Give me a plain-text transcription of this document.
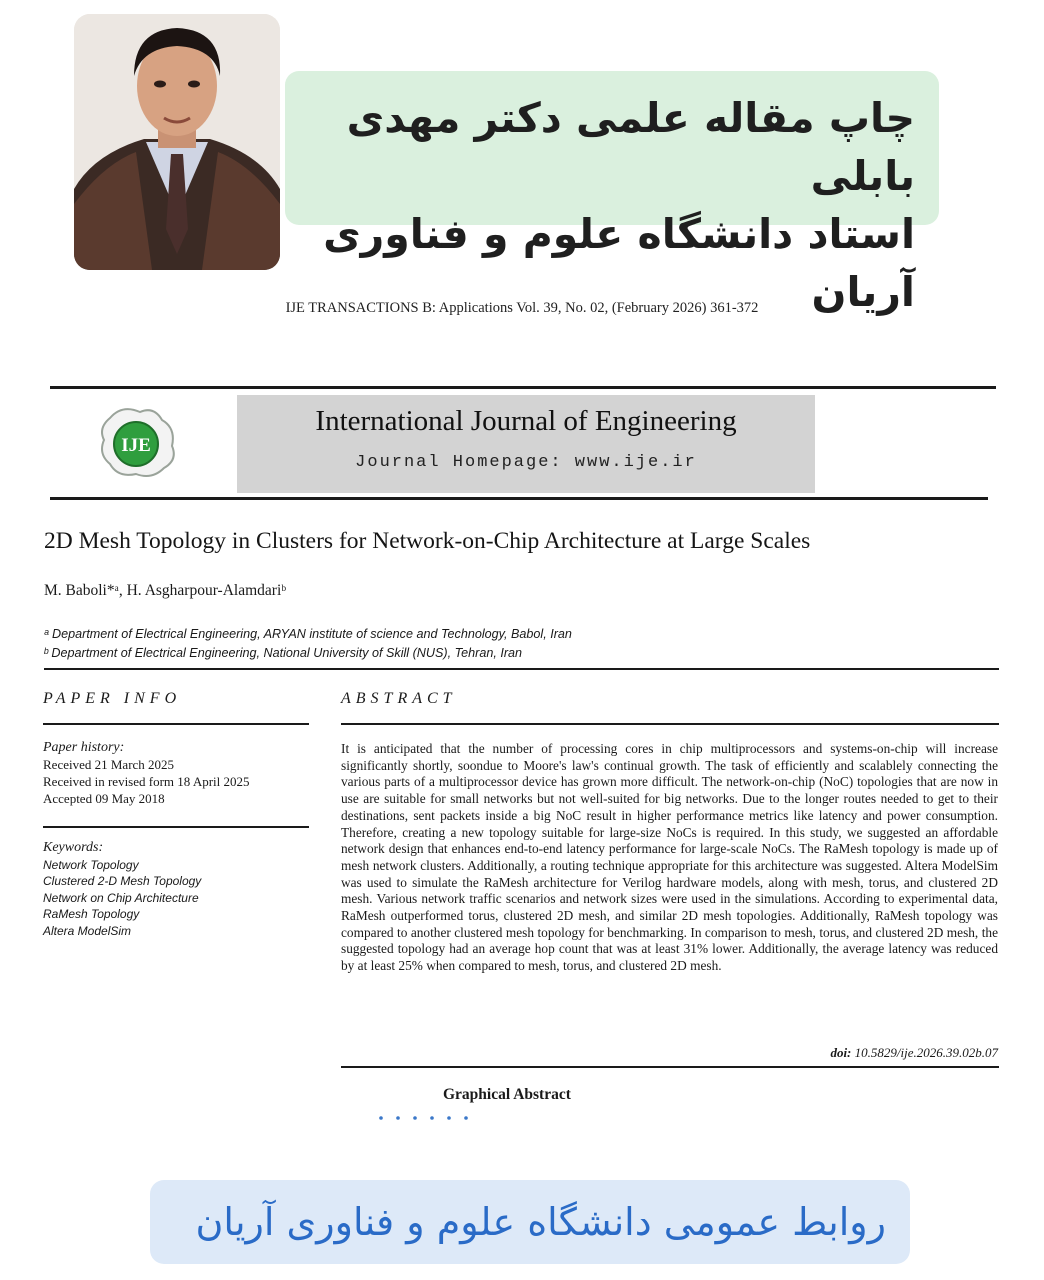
چاپ مقاله علمی دکتر مهدی بابلی
استاد دانشگاه علوم و فناوری آریان
IJE TRANSACTIONS B: Applications Vol. 39, No. 02, (February 2026) 361-372
IJE
International Journal of Engineering
Journal Homepage: www.ije.ir
2D Mesh Topology in Clusters for Network-on-Chip Architecture at Large Scales
M. Baboli*ᵃ, H. Asgharpour-Alamdariᵇ
ᵃ Department of Electrical Engineering, ARYAN institute of science and Technology, Babol, Iran
ᵇ Department of Electrical Engineering, National University of Skill (NUS), Tehran, Iran
PAPER INFO	ABSTRACT
Paper history:
Received 21 March 2025
Received in revised form 18 April 2025
Accepted 09 May 2018
Keywords:
Network Topology
Clustered 2-D Mesh Topology
Network on Chip Architecture
RaMesh Topology
Altera ModelSim
It is anticipated that the number of processing cores in chip multiprocessors and systems-on-chip will increase significantly shortly, soondue to Moore's law's continual growth. The task of efficiently and scalablely connecting the various parts of a multiprocessor device has grown more difficult. The network-on-chip (NoC) topologies that are now in use are suitable for small networks but not well-suited for big networks. Due to the longer routes needed to get to their destinations, sent packets inside a big NoC result in higher performance metrics like latency and power consumption. Therefore, creating a new topology suitable for large-size NoCs is required. In this study, we suggested an affordable network design that enhances end-to-end latency performance for large-scale NoCs. The RaMesh topology is made up of mesh network clusters. Additionally, a routing technique appropriate for this architecture was suggested. Altera ModelSim was used to simulate the RaMesh architecture for Verilog hardware models, along with mesh, torus, and clustered 2D mesh. Various network traffic scenarios and network sizes were used in the simulations. According to experimental data, RaMesh outperformed torus, clustered 2D mesh, and similar 2D mesh topologies. Additionally, RaMesh topology was compared to another clustered mesh topology for benchmarking. In comparison to mesh, torus, and clustered 2D mesh, the suggested topology had an average hop count that was at least 31% lower. Additionally, the average latency was reduced by at least 25% when compared to mesh, torus, and clustered 2D mesh.
doi: 10.5829/ije.2026.39.02b.07
Graphical Abstract
روابط عمومی دانشگاه علوم و فناوری آریان
